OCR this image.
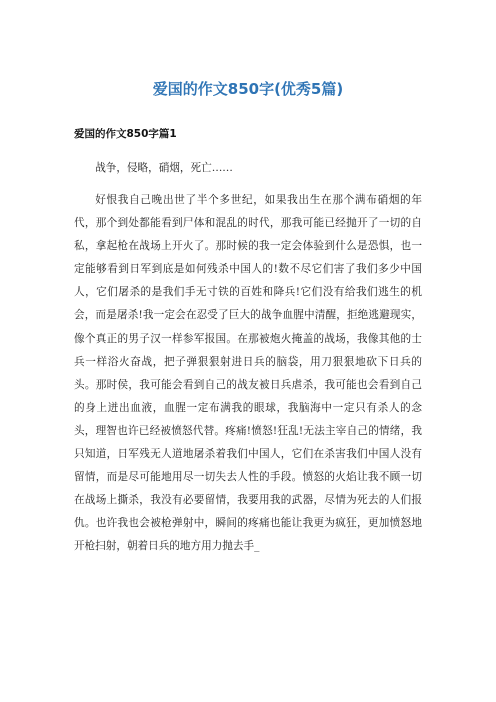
爱国的作文850字(优秀5篇)
爱国的作文850字篇1

战争，侵略，硝烟，死亡……

好恨我自己晚出世了半个多世纪，如果我出生在那个满布硝烟的年代，那个到处都能看到尸体和混乱的时代，那我可能已经抛开了一切的自私，拿起枪在战场上开火了。那时候的我一定会体验到什么是恐惧，也一定能够看到日军到底是如何残杀中国人的!数不尽它们害了我们多少中国人，它们屠杀的是我们手无寸铁的百姓和降兵!它们没有给我们逃生的机会，而是屠杀!我一定会在忍受了巨大的战争血腥中清醒，拒绝逃避现实，像个真正的男子汉一样参军报国。在那被炮火掩盖的战场，我像其他的士兵一样浴火奋战，把子弹狠狠射进日兵的脑袋，用刀狠狠地砍下日兵的头。那时侯，我可能会看到自己的战友被日兵虐杀，我可能也会看到自己的身上迸出血液，血腥一定布满我的眼球，我脑海中一定只有杀人的念头，理智也许已经被愤怒代替。疼痛!愤怒!狂乱!无法主宰自己的情绪，我只知道，日军残无人道地屠杀着我们中国人，它们在杀害我们中国人没有留情，而是尽可能地用尽一切失去人性的手段。愤怒的火焰让我不顾一切在战场上撕杀，我没有必要留情，我要用我的武器，尽情为死去的人们报仇。也许我也会被枪弹射中，瞬间的疼痛也能让我更为疯狂，更加愤怒地开枪扫射，朝着日兵的地方用力抛去手_
